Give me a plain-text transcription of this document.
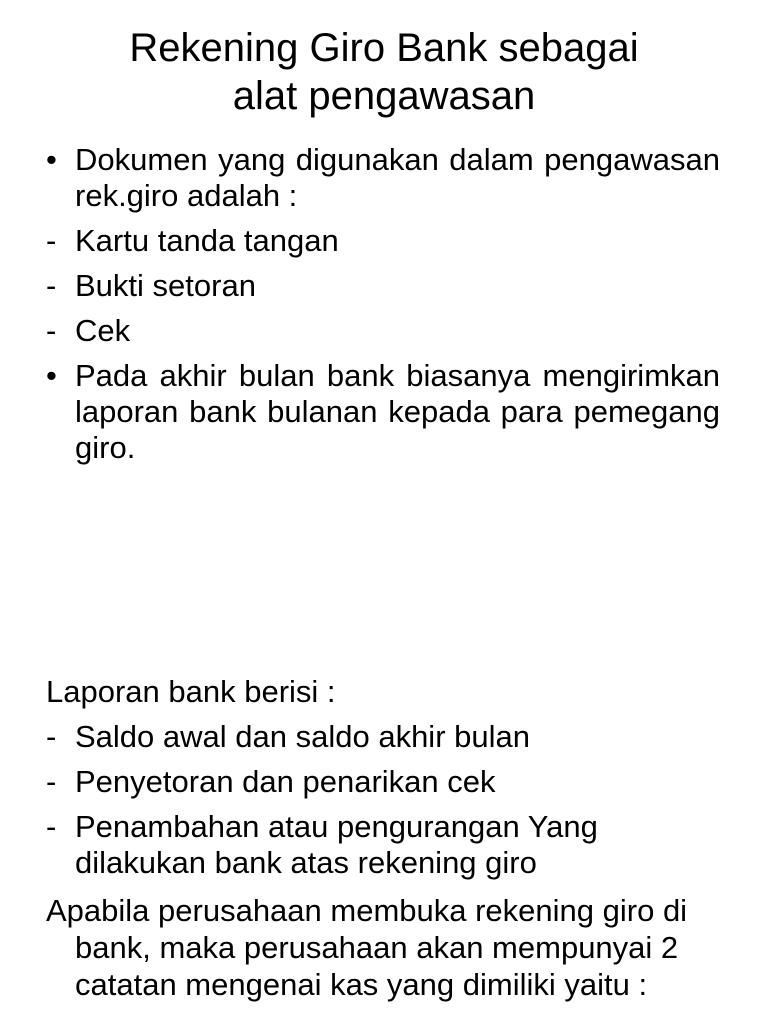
Rekening Giro Bank sebagai
alat pengawasan
• Dokumen yang digunakan dalam pengawasan rek.giro adalah :
- Kartu tanda tangan
- Bukti setoran
- Cek
• Pada akhir bulan bank biasanya mengirimkan laporan bank bulanan kepada para pemegang giro.
Laporan bank berisi :
- Saldo awal dan saldo akhir bulan
- Penyetoran dan penarikan cek
- Penambahan atau pengurangan Yang dilakukan bank atas rekening giro
Apabila perusahaan membuka rekening giro di bank, maka perusahaan akan mempunyai 2 catatan mengenai kas yang dimiliki yaitu :
